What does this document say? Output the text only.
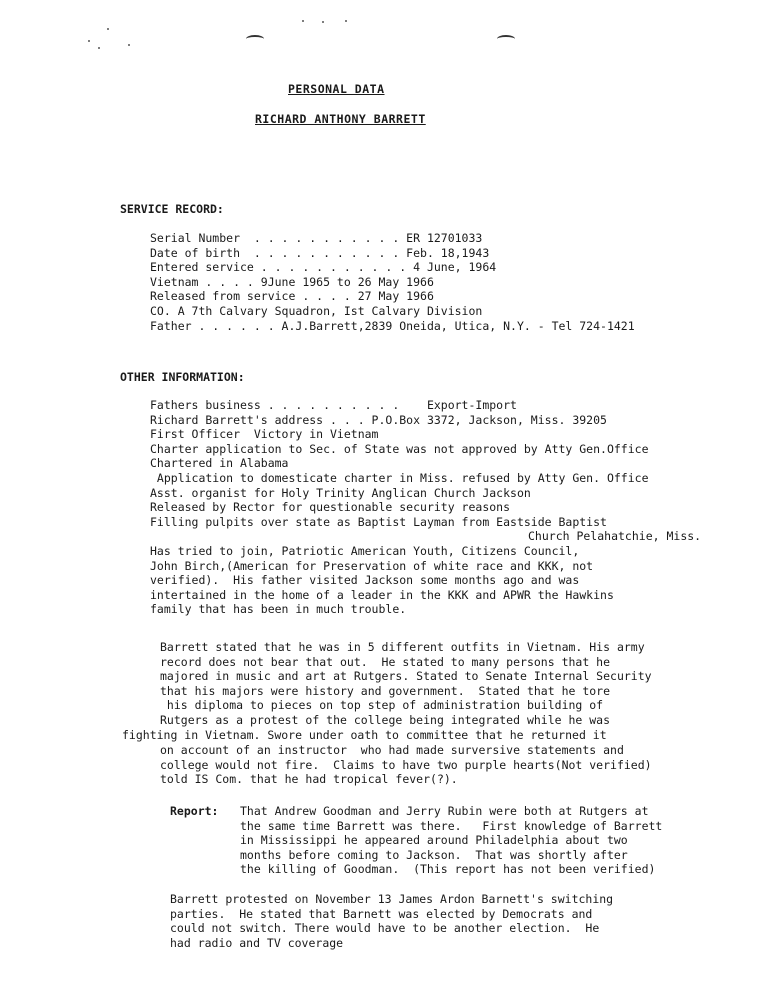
PERSONAL DATA
RICHARD ANTHONY BARRETT
SERVICE RECORD:
Serial Number  . . . . . . . . . . . ER 12701033
Date of birth  . . . . . . . . . . . Feb. 18,1943
Entered service . . . . . . . . . . . 4 June, 1964
Vietnam . . . . 9June 1965 to 26 May 1966
Released from service . . . . 27 May 1966
CO. A 7th Calvary Squadron, Ist Calvary Division
Father . . . . . . A.J.Barrett,2839 Oneida, Utica, N.Y. - Tel 724-1421
OTHER INFORMATION:
Fathers business . . . . . . . . . .    Export-Import
Richard Barrett's address . . . P.O.Box 3372, Jackson, Miss. 39205
First Officer  Victory in Vietnam
Charter application to Sec. of State was not approved by Atty Gen.Office
Chartered in Alabama
Application to domesticate charter in Miss. refused by Atty Gen. Office
Asst. organist for Holy Trinity Anglican Church Jackson
Released by Rector for questionable security reasons
Filling pulpits over state as Baptist Layman from Eastside Baptist
Church Pelahatchie, Miss.
Has tried to join, Patriotic American Youth, Citizens Council,
John Birch,(American for Preservation of white race and KKK, not
verified).  His father visited Jackson some months ago and was
intertained in the home of a leader in the KKK and APWR the Hawkins
family that has been in much trouble.
Barrett stated that he was in 5 different outfits in Vietnam. His army
record does not bear that out.  He stated to many persons that he
majored in music and art at Rutgers. Stated to Senate Internal Security
that his majors were history and government.  Stated that he tore
his diploma to pieces on top step of administration building of
Rutgers as a protest of the college being integrated while he was
fighting in Vietnam. Swore under oath to committee that he returned it
on account of an instructor  who had made surversive statements and
college would not fire.  Claims to have two purple hearts(Not verified)
told IS Com. that he had tropical fever(?).
Report: That Andrew Goodman and Jerry Rubin were both at Rutgers at
the same time Barrett was there.   First knowledge of Barrett
in Mississippi he appeared around Philadelphia about two
months before coming to Jackson.  That was shortly after
the killing of Goodman.  (This report has not been verified)
Barrett protested on November 13 James Ardon Barnett's switching
parties.  He stated that Barnett was elected by Democrats and
could not switch. There would have to be another election.  He
had radio and TV coverage
